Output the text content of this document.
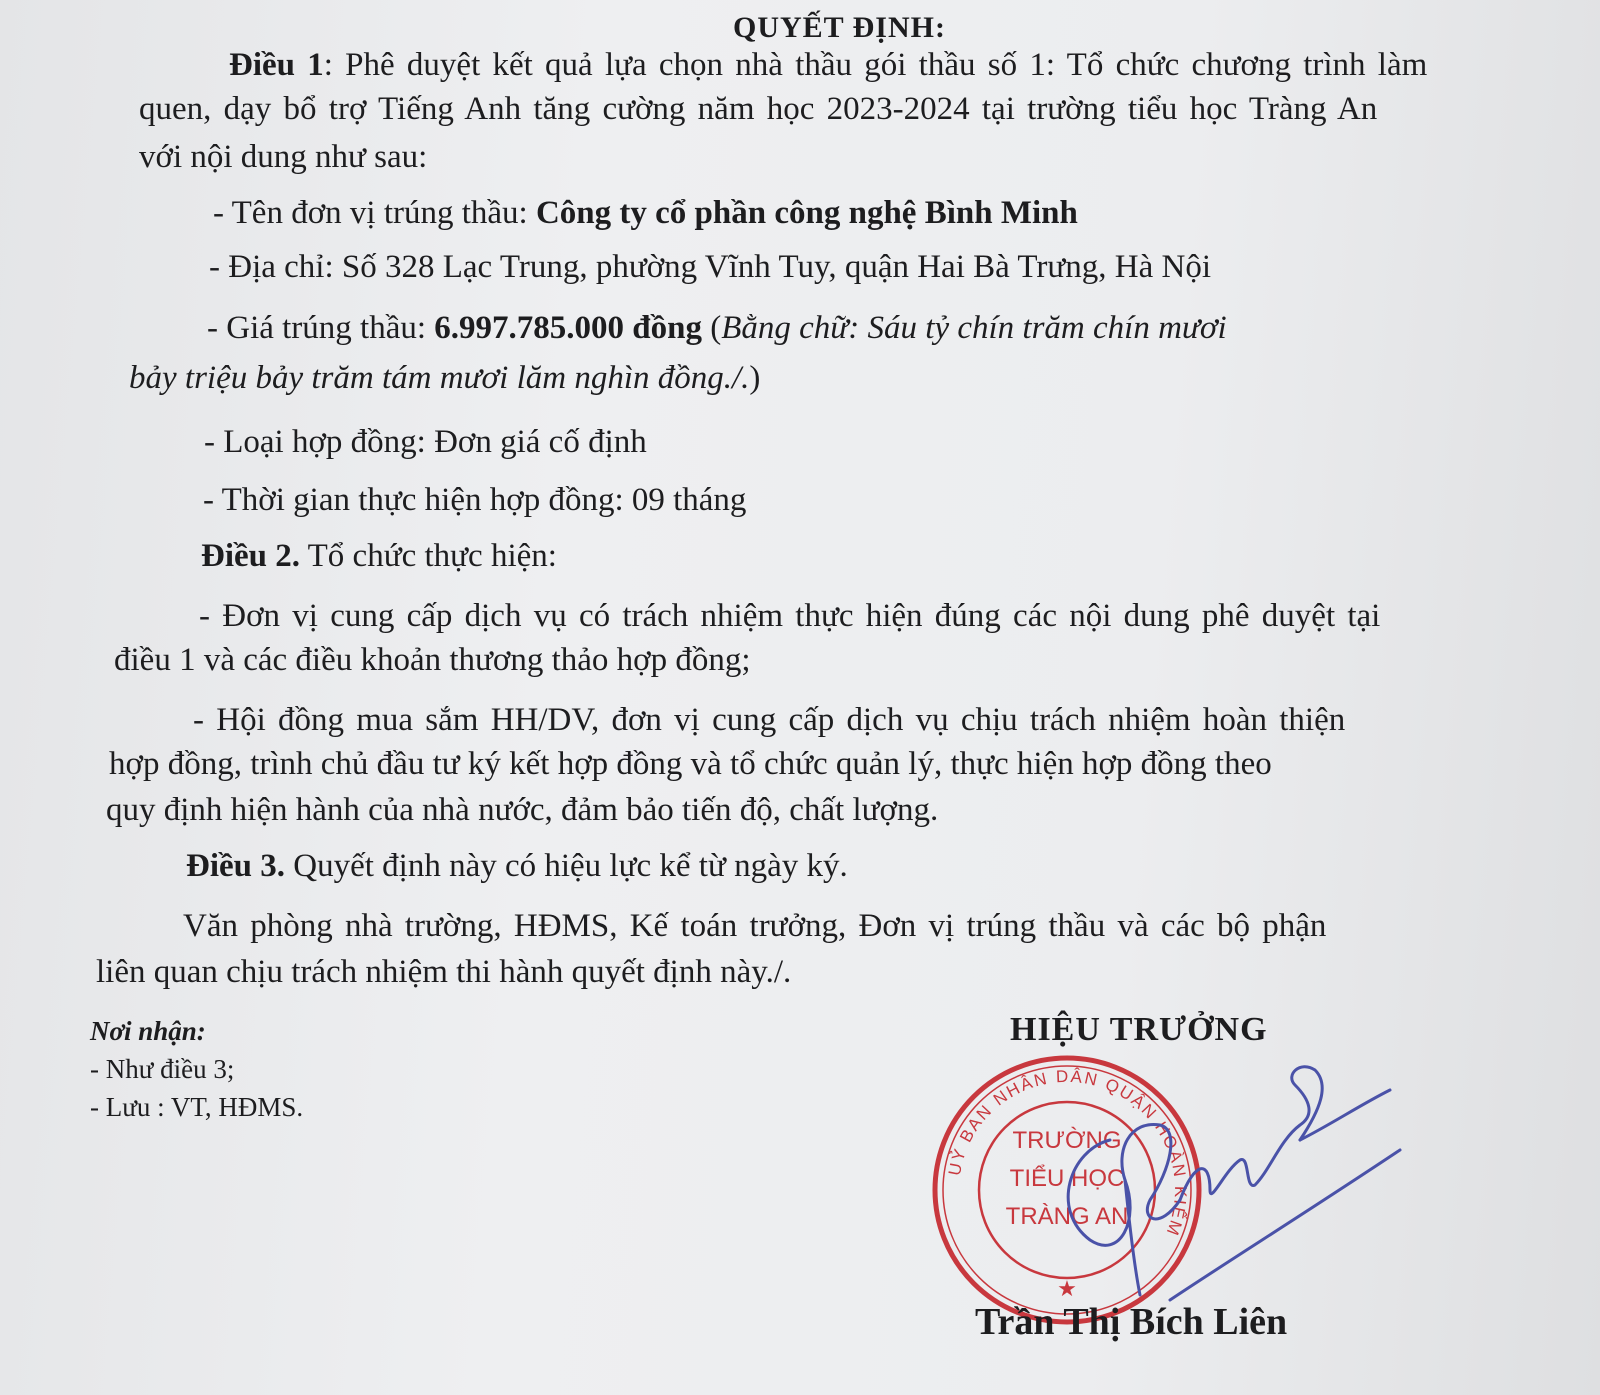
QUYẾT ĐỊNH:
Điều 1: Phê duyệt kết quả lựa chọn nhà thầu gói thầu số 1: Tổ chức chương trình làm
quen, dạy bổ trợ Tiếng Anh tăng cường năm học 2023-2024 tại trường tiểu học Tràng An
với nội dung như sau:
- Tên đơn vị trúng thầu: Công ty cổ phần công nghệ Bình Minh
- Địa chỉ: Số 328 Lạc Trung, phường Vĩnh Tuy, quận Hai Bà Trưng, Hà Nội
- Giá trúng thầu: 6.997.785.000 đồng (Bằng chữ: Sáu tỷ chín trăm chín mươi
bảy triệu bảy trăm tám mươi lăm nghìn đồng./.)
- Loại hợp đồng: Đơn giá cố định
- Thời gian thực hiện hợp đồng: 09 tháng
Điều 2. Tổ chức thực hiện:
- Đơn vị cung cấp dịch vụ có trách nhiệm thực hiện đúng các nội dung phê duyệt tại
điều 1 và các điều khoản thương thảo hợp đồng;
- Hội đồng mua sắm HH/DV, đơn vị cung cấp dịch vụ chịu trách nhiệm hoàn thiện
hợp đồng, trình chủ đầu tư ký kết hợp đồng và tổ chức quản lý, thực hiện hợp đồng theo
quy định hiện hành của nhà nước, đảm bảo tiến độ, chất lượng.
Điều 3. Quyết định này có hiệu lực kể từ ngày ký.
Văn phòng nhà trường, HĐMS, Kế toán trưởng, Đơn vị trúng thầu và các bộ phận
liên quan chịu trách nhiệm thi hành quyết định này./.
Nơi nhận:
- Như điều 3;
- Lưu : VT, HĐMS.
HIỆU TRƯỞNG
UỶ BAN NHÂN DÂN QUẬN HOÀN KIẾM
TRƯỜNG
TIỂU HỌC
TRÀNG AN
★
Trần Thị Bích Liên
